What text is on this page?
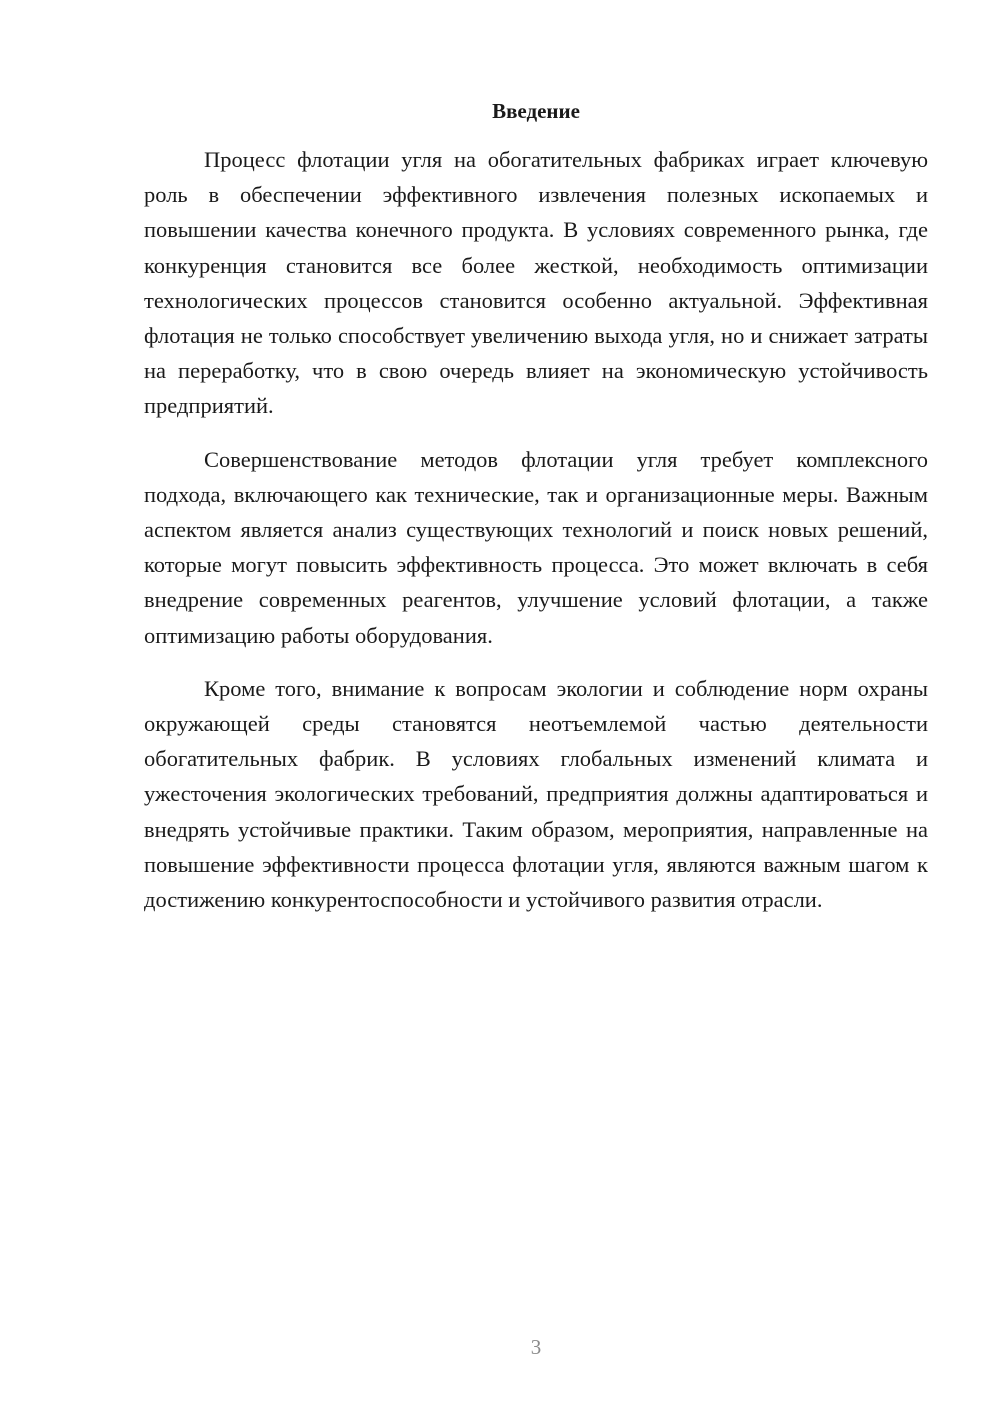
Введение

Процесс флотации угля на обогатительных фабриках играет ключевую роль в обеспечении эффективного извлечения полезных ископаемых и повышении качества конечного продукта. В условиях современного рынка, где конкуренция становится все более жесткой, необходимость оптимизации технологических процессов становится особенно актуальной. Эффективная флотация не только способствует увеличению выхода угля, но и снижает затраты на переработку, что в свою очередь влияет на экономическую устойчивость предприятий.

Совершенствование методов флотации угля требует комплексного подхода, включающего как технические, так и организационные меры. Важным аспектом является анализ существующих технологий и поиск новых решений, которые могут повысить эффективность процесса. Это может включать в себя внедрение современных реагентов, улучшение условий флотации, а также оптимизацию работы оборудования.

Кроме того, внимание к вопросам экологии и соблюдение норм охраны окружающей среды становятся неотъемлемой частью деятельности обогатительных фабрик. В условиях глобальных изменений климата и ужесточения экологических требований, предприятия должны адаптироваться и внедрять устойчивые практики. Таким образом, мероприятия, направленные на повышение эффективности процесса флотации угля, являются важным шагом к достижению конкурентоспособности и устойчивого развития отрасли.

3
